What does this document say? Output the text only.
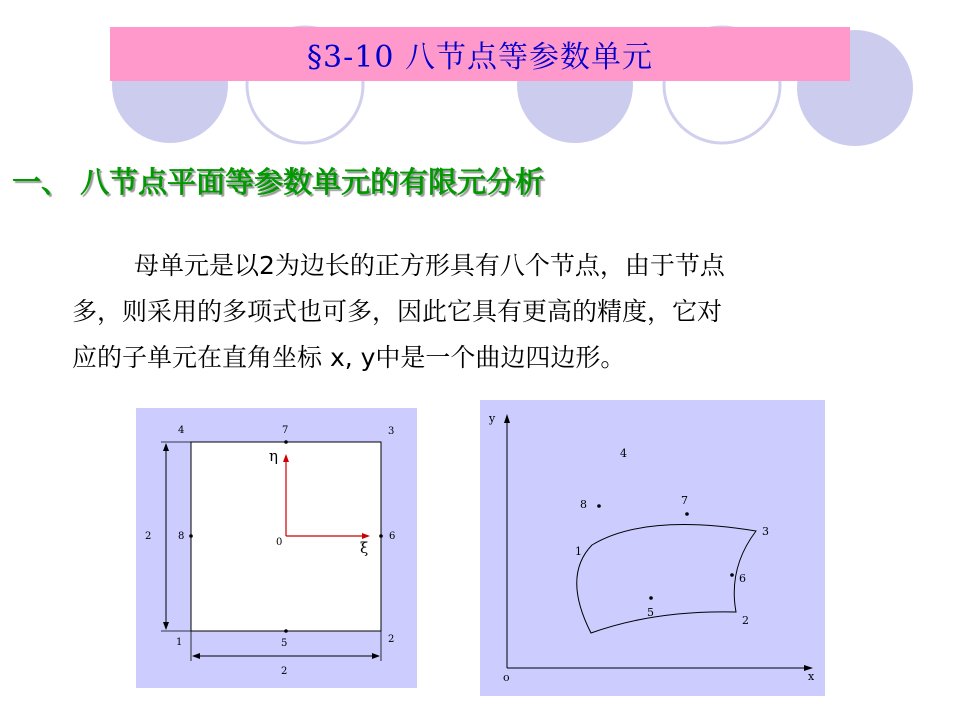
§3-10 八节点等参数单元
一、 八节点平面等参数单元的有限元分析
母单元是以2为边长的正方形具有八个节点，由于节点
多，则采用的多项式也可多，因此它具有更高的精度，它对
应的子单元在直角坐标 x, y中是一个曲边四边形。
η
ξ
0
1	2
3
4
5
6
7
8
2
2
y
x
o
1
2
3
4
5
6
7
8
